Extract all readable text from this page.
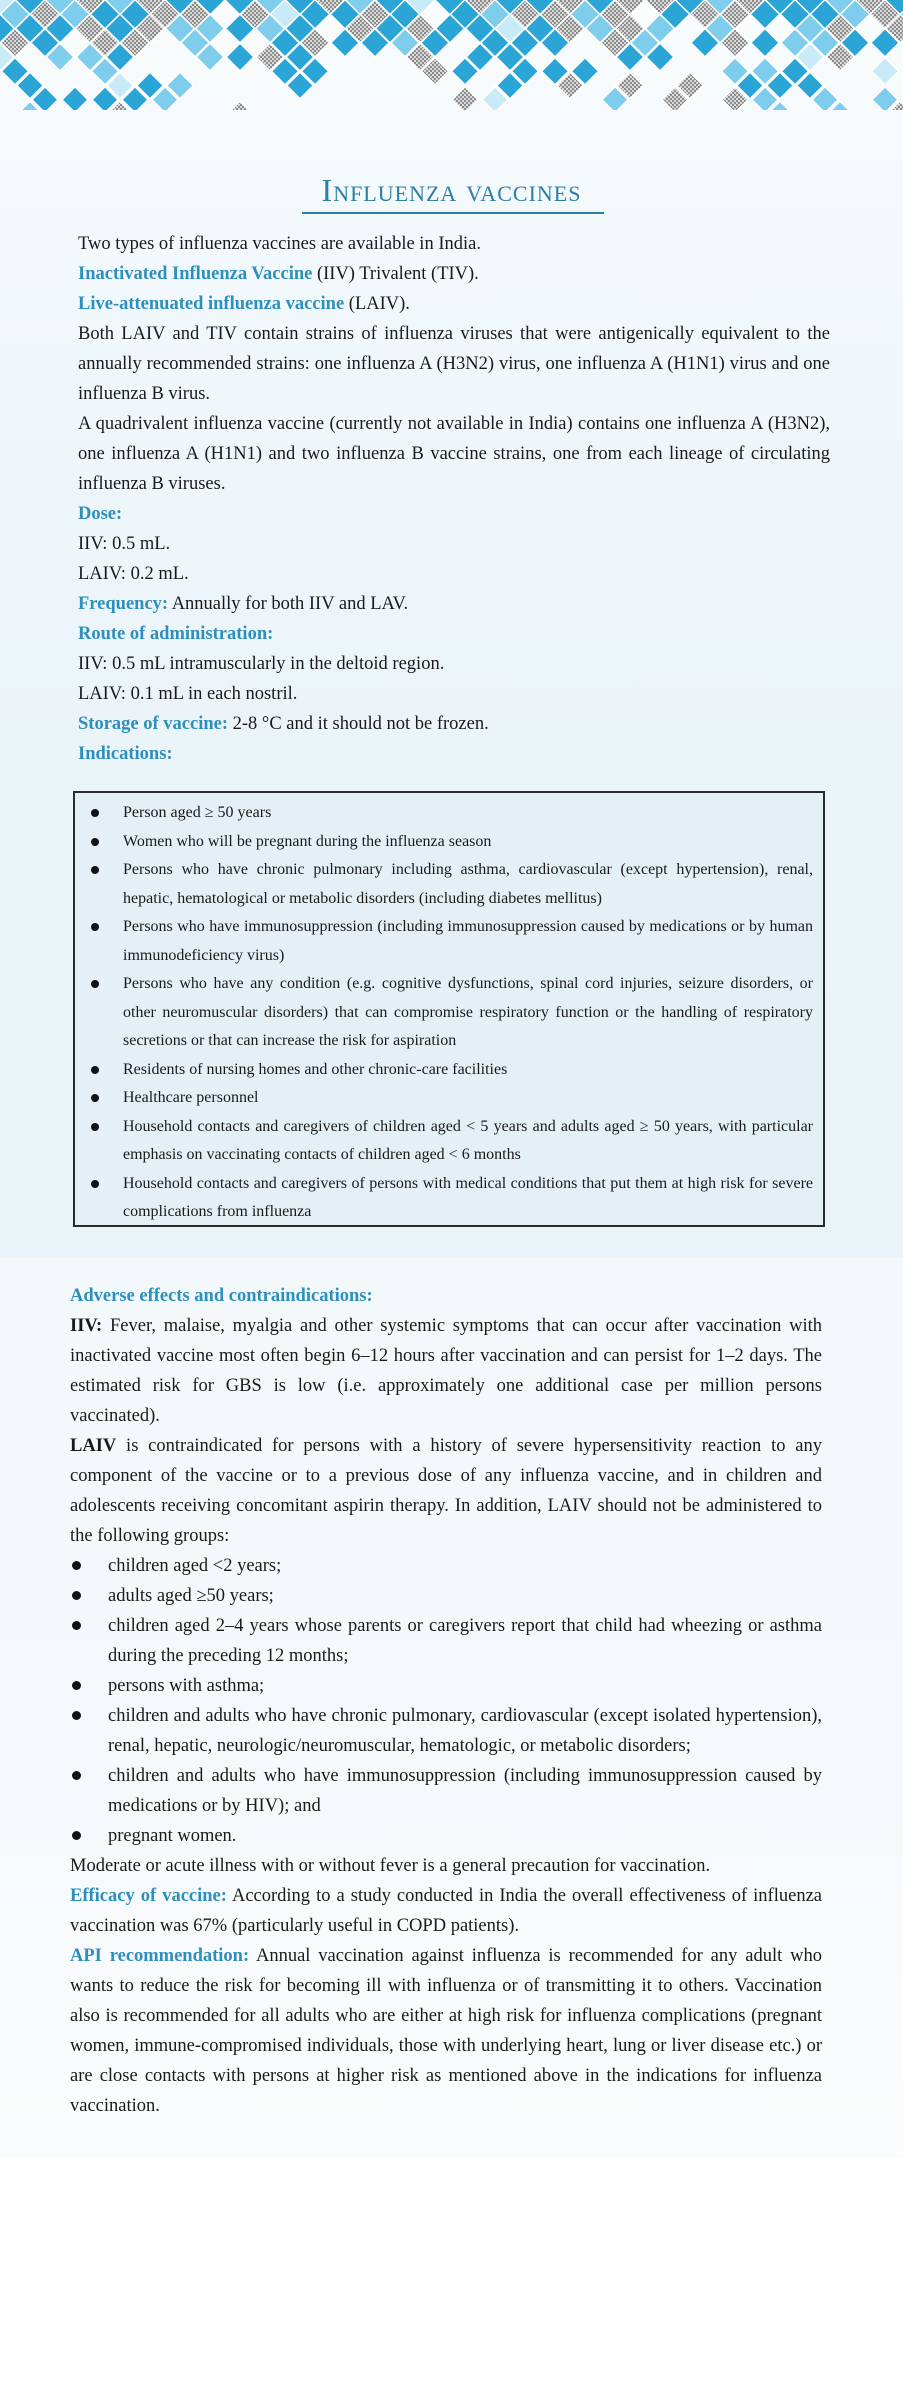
Influenza vaccines

Two types of influenza vaccines are available in India.

Inactivated Influenza Vaccine (IIV) Trivalent (TIV).

Live-attenuated influenza vaccine (LAIV).

Both LAIV and TIV contain strains of influenza viruses that were antigenically equivalent to the annually recommended strains: one influenza A (H3N2) virus, one influenza A (H1N1) virus and one influenza B virus.

A quadrivalent influenza vaccine (currently not available in India) contains one influenza A (H3N2), one influenza A (H1N1) and two influenza B vaccine strains, one from each lineage of circulating influenza B viruses.

Dose:

IIV: 0.5 mL.

LAIV: 0.2 mL.

Frequency: Annually for both IIV and LAV.

Route of administration:

IIV: 0.5 mL intramuscularly in the deltoid region.

LAIV: 0.1 mL in each nostril.

Storage of vaccine: 2-8 °C and it should not be frozen.

Indications:

Person aged ≥ 50 years
Women who will be pregnant during the influenza season
Persons who have chronic pulmonary including asthma, cardiovascular (except hypertension), renal, hepatic, hematological or metabolic disorders (including diabetes mellitus)
Persons who have immunosuppression (including immunosuppression caused by medications or by human immunodeficiency virus)
Persons who have any condition (e.g. cognitive dysfunctions, spinal cord injuries, seizure disorders, or other neuromuscular disorders) that can compromise respiratory function or the handling of respiratory secretions or that can increase the risk for aspiration
Residents of nursing homes and other chronic-care facilities
Healthcare personnel
Household contacts and caregivers of children aged < 5 years and adults aged ≥ 50 years, with particular emphasis on vaccinating contacts of children aged < 6 months
Household contacts and caregivers of persons with medical conditions that put them at high risk for severe complications from influenza

Adverse effects and contraindications:

IIV: Fever, malaise, myalgia and other systemic symptoms that can occur after vaccination with inactivated vaccine most often begin 6–12 hours after vaccination and can persist for 1–2 days. The estimated risk for GBS is low (i.e. approximately one additional case per million persons vaccinated).

LAIV is contraindicated for persons with a history of severe hypersensitivity reaction to any component of the vaccine or to a previous dose of any influenza vaccine, and in children and adolescents receiving concomitant aspirin therapy. In addition, LAIV should not be administered to the following groups:

children aged <2 years;
adults aged ≥50 years;
children aged 2–4 years whose parents or caregivers report that child had wheezing or asthma during the preceding 12 months;
persons with asthma;
children and adults who have chronic pulmonary, cardiovascular (except isolated hypertension), renal, hepatic, neurologic/neuromuscular, hematologic, or metabolic disorders;
children and adults who have immunosuppression (including immunosuppression caused by medications or by HIV); and
pregnant women.

Moderate or acute illness with or without fever is a general precaution for vaccination.

Efficacy of vaccine: According to a study conducted in India the overall effectiveness of influenza vaccination was 67% (particularly useful in COPD patients).

API recommendation: Annual vaccination against influenza is recommended for any adult who wants to reduce the risk for becoming ill with influenza or of transmitting it to others. Vaccination also is recommended for all adults who are either at high risk for influenza complications (pregnant women, immune-compromised individuals, those with underlying heart, lung or liver disease etc.) or are close contacts with persons at higher risk as mentioned above in the indications for influenza vaccination.
